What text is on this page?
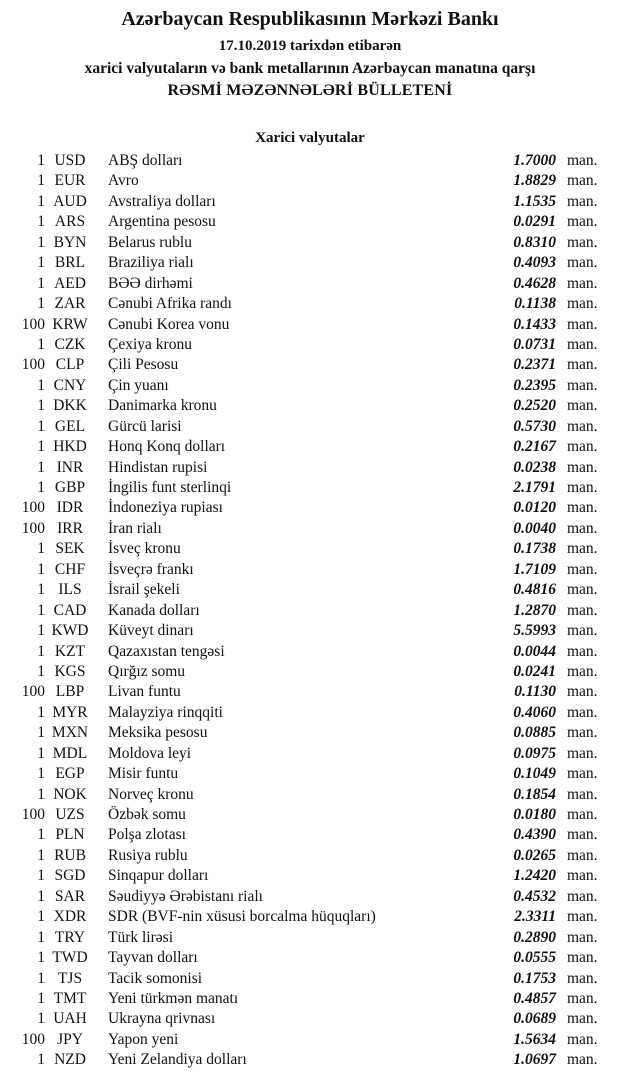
Azərbaycan Respublikasının Mərkəzi Bankı
17.10.2019 tarixdən etibarən
xarici valyutaların və bank metallarının Azərbaycan manatına qarşı
RƏSMİ MƏZƏNNƏLƏRİ BÜLLETENİ
Xarici valyutalar
1 USD	ABŞ dolları	1.7000 man.
1 EUR	Avro	1.8829 man.
1 AUD	Avstraliya dolları	1.1535 man.
1 ARS	Argentina pesosu	0.0291 man.
1 BYN	Belarus rublu	0.8310 man.
1 BRL	Braziliya rialı	0.4093 man.
1 AED	BƏƏ dirhəmi	0.4628 man.
1 ZAR	Cənubi Afrika randı	0.1138 man.
100 KRW	Cənubi Korea vonu	0.1433 man.
1 CZK	Çexiya kronu	0.0731 man.
100 CLP	Çili Pesosu	0.2371 man.
1 CNY	Çin yuanı	0.2395 man.
1 DKK	Danimarka kronu	0.2520 man.
1 GEL	Gürcü larisi	0.5730 man.
1 HKD	Honq Konq dolları	0.2167 man.
1 INR	Hindistan rupisi	0.0238 man.
1 GBP	İngilis funt sterlinqi	2.1791 man.
100 IDR	İndoneziya rupiası	0.0120 man.
100 IRR	İran rialı	0.0040 man.
1 SEK	İsveç kronu	0.1738 man.
1 CHF	İsveçrə frankı	1.7109 man.
1 ILS	İsrail şekeli	0.4816 man.
1 CAD	Kanada dolları	1.2870 man.
1 KWD	Küveyt dinarı	5.5993 man.
1 KZT	Qazaxıstan tengəsi	0.0044 man.
1 KGS	Qırğız somu	0.0241 man.
100 LBP	Livan funtu	0.1130 man.
1 MYR	Malayziya rinqqiti	0.4060 man.
1 MXN	Meksika pesosu	0.0885 man.
1 MDL	Moldova leyi	0.0975 man.
1 EGP	Misir funtu	0.1049 man.
1 NOK	Norveç kronu	0.1854 man.
100 UZS	Özbək somu	0.0180 man.
1 PLN	Polşa zlotası	0.4390 man.
1 RUB	Rusiya rublu	0.0265 man.
1 SGD	Sinqapur dolları	1.2420 man.
1 SAR	Səudiyyə Ərəbistanı rialı	0.4532 man.
1 XDR	SDR (BVF-nin xüsusi borcalma hüquqları)	2.3311 man.
1 TRY	Türk lirəsi	0.2890 man.
1 TWD	Tayvan dolları	0.0555 man.
1 TJS	Tacik somonisi	0.1753 man.
1 TMT	Yeni türkmən manatı	0.4857 man.
1 UAH	Ukrayna qrivnası	0.0689 man.
100 JPY	Yapon yeni	1.5634 man.
1 NZD	Yeni Zelandiya dolları	1.0697 man.
